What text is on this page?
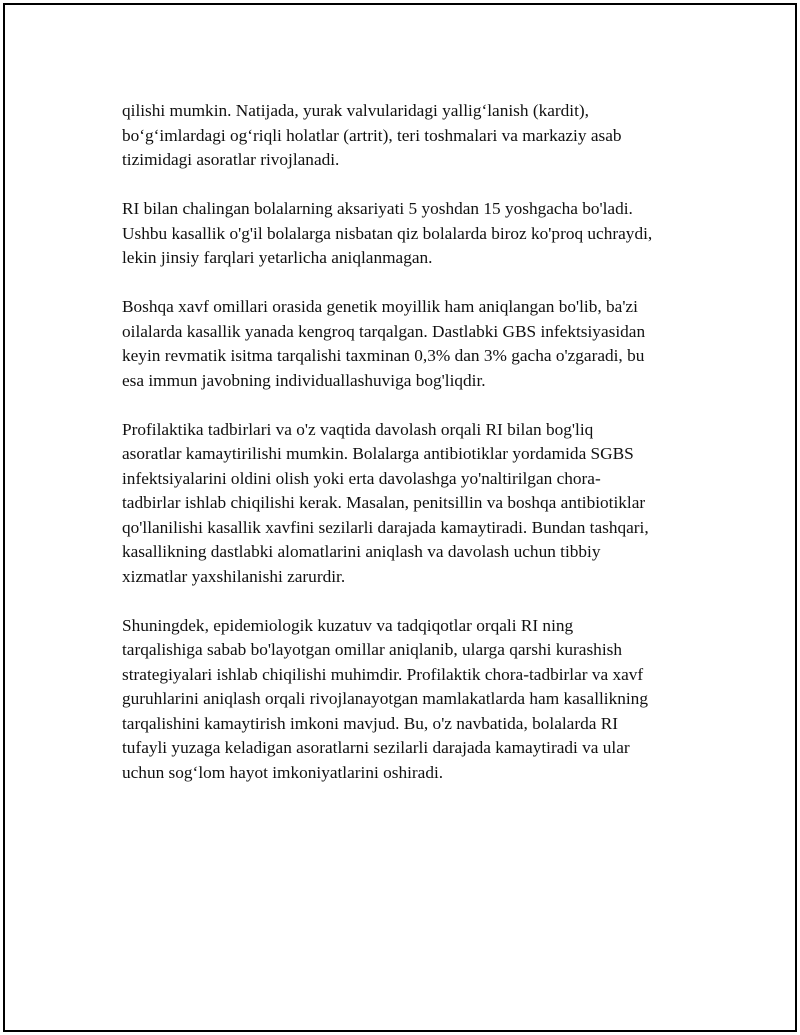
qilishi mumkin. Natijada, yurak valvularidagi yallig‘lanish (kardit),
bo‘g‘imlardagi og‘riqli holatlar (artrit), teri toshmalari va markaziy asab
tizimidagi asoratlar rivojlanadi.

RI bilan chalingan bolalarning aksariyati 5 yoshdan 15 yoshgacha bo'ladi.
Ushbu kasallik o'g'il bolalarga nisbatan qiz bolalarda biroz ko'proq uchraydi,
lekin jinsiy farqlari yetarlicha aniqlanmagan.

Boshqa xavf omillari orasida genetik moyillik ham aniqlangan bo'lib, ba'zi
oilalarda kasallik yanada kengroq tarqalgan. Dastlabki GBS infektsiyasidan
keyin revmatik isitma tarqalishi taxminan 0,3% dan 3% gacha o'zgaradi, bu
esa immun javobning individuallashuviga bog'liqdir.

Profilaktika tadbirlari va o'z vaqtida davolash orqali RI bilan bog'liq
asoratlar kamaytirilishi mumkin. Bolalarga antibiotiklar yordamida SGBS
infektsiyalarini oldini olish yoki erta davolashga yo'naltirilgan chora-
tadbirlar ishlab chiqilishi kerak. Masalan, penitsillin va boshqa antibiotiklar
qo'llanilishi kasallik xavfini sezilarli darajada kamaytiradi. Bundan tashqari,
kasallikning dastlabki alomatlarini aniqlash va davolash uchun tibbiy
xizmatlar yaxshilanishi zarurdir.

Shuningdek, epidemiologik kuzatuv va tadqiqotlar orqali RI ning
tarqalishiga sabab bo'layotgan omillar aniqlanib, ularga qarshi kurashish
strategiyalari ishlab chiqilishi muhimdir. Profilaktik chora-tadbirlar va xavf
guruhlarini aniqlash orqali rivojlanayotgan mamlakatlarda ham kasallikning
tarqalishini kamaytirish imkoni mavjud. Bu, o'z navbatida, bolalarda RI
tufayli yuzaga keladigan asoratlarni sezilarli darajada kamaytiradi va ular
uchun sog‘lom hayot imkoniyatlarini oshiradi.
